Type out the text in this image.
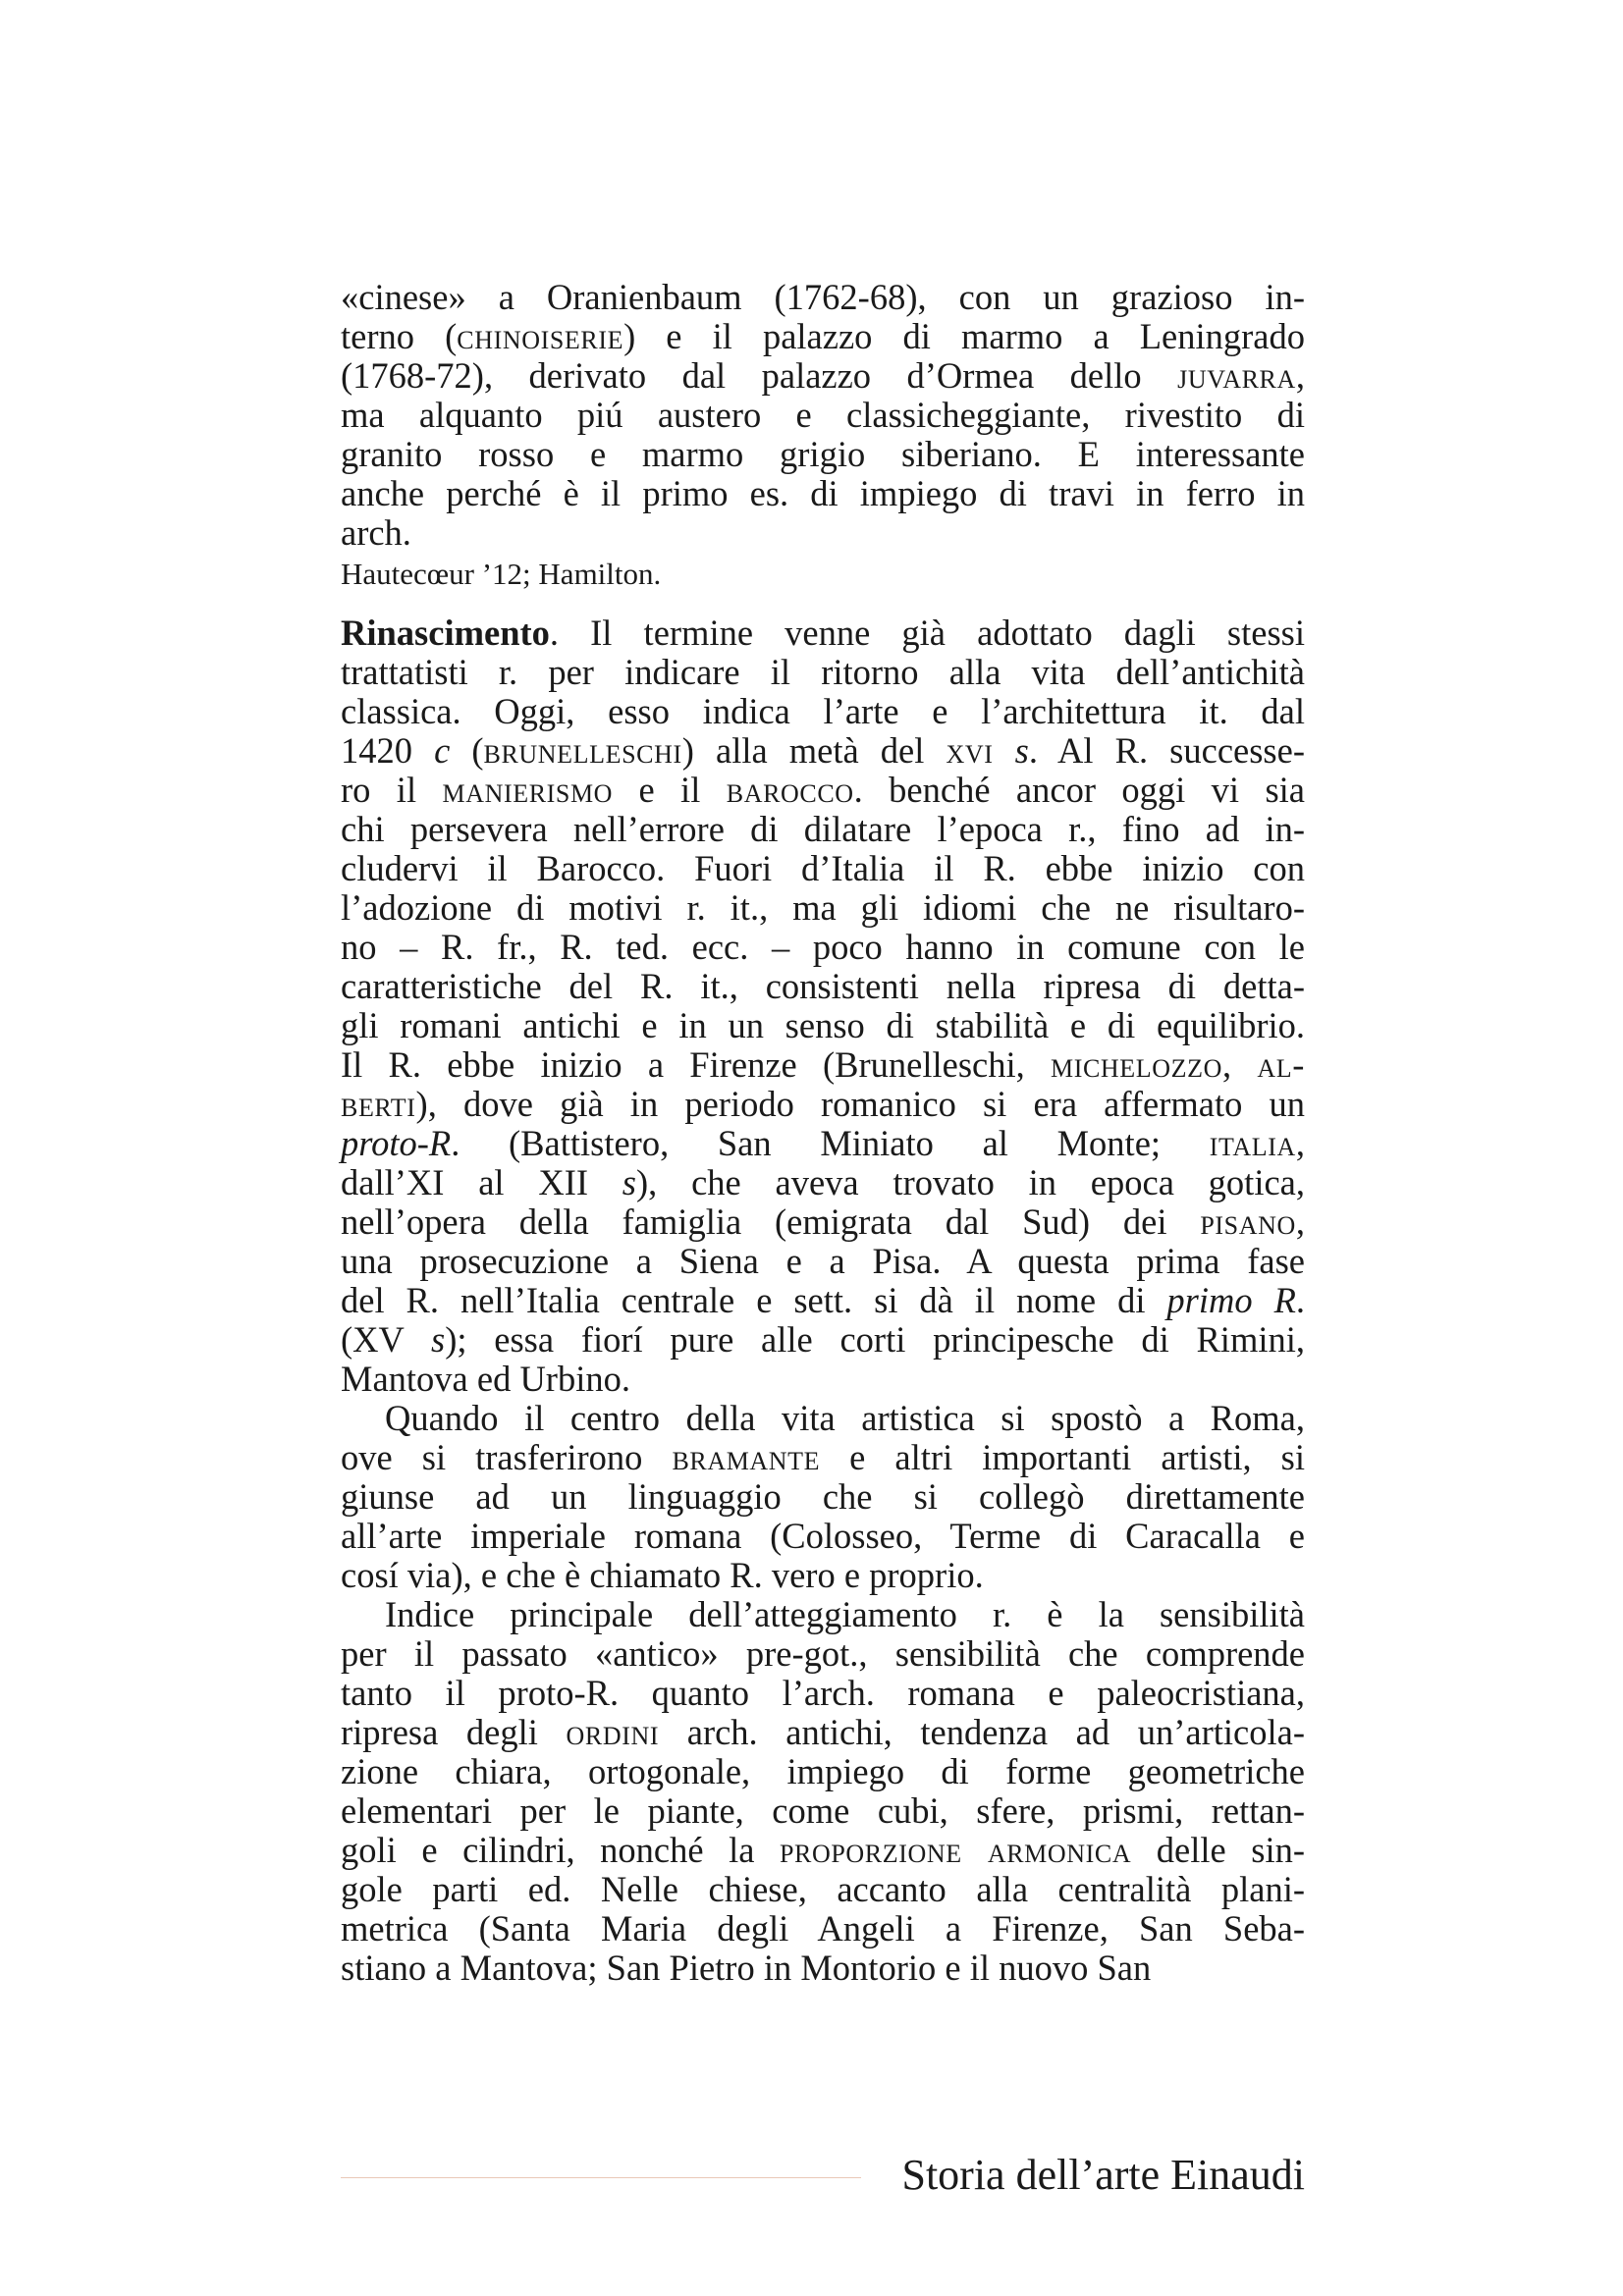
«cinese» a Oranienbaum (1762-68), con un grazioso in-
terno (chinoiserie) e il palazzo di marmo a Leningrado
(1768-72), derivato dal palazzo d’Ormea dello juvarra,
ma alquanto piú austero e classicheggiante, rivestito di
granito rosso e marmo grigio siberiano. E interessante
anche perché è il primo es. di impiego di travi in ferro in
arch.
Hautecœur ’12; Hamilton.
Rinascimento. Il termine venne già adottato dagli stessi
trattatisti r. per indicare il ritorno alla vita dell’antichità
classica. Oggi, esso indica l’arte e l’architettura it. dal
1420 c (brunelleschi) alla metà del xvi s. Al R. successe-
ro il manierismo e il barocco. benché ancor oggi vi sia
chi persevera nell’errore di dilatare l’epoca r., fino ad in-
cludervi il Barocco. Fuori d’Italia il R. ebbe inizio con
l’adozione di motivi r. it., ma gli idiomi che ne risultaro-
no – R. fr., R. ted. ecc. – poco hanno in comune con le
caratteristiche del R. it., consistenti nella ripresa di detta-
gli romani antichi e in un senso di stabilità e di equilibrio.
Il R. ebbe inizio a Firenze (Brunelleschi, michelozzo, al-
berti), dove già in periodo romanico si era affermato un
proto-R. (Battistero, San Miniato al Monte; italia,
dall’XI al XII s), che aveva trovato in epoca gotica,
nell’opera della famiglia (emigrata dal Sud) dei pisano,
una prosecuzione a Siena e a Pisa. A questa prima fase
del R. nell’Italia centrale e sett. si dà il nome di primo R.
(XV s); essa fiorí pure alle corti principesche di Rimini,
Mantova ed Urbino.
Quando il centro della vita artistica si spostò a Roma,
ove si trasferirono bramante e altri importanti artisti, si
giunse ad un linguaggio che si collegò direttamente
all’arte imperiale romana (Colosseo, Terme di Caracalla e
cosí via), e che è chiamato R. vero e proprio.
Indice principale dell’atteggiamento r. è la sensibilità
per il passato «antico» pre-got., sensibilità che comprende
tanto il proto-R. quanto l’arch. romana e paleocristiana,
ripresa degli ordini arch. antichi, tendenza ad un’articola-
zione chiara, ortogonale, impiego di forme geometriche
elementari per le piante, come cubi, sfere, prismi, rettan-
goli e cilindri, nonché la proporzione armonica delle sin-
gole parti ed. Nelle chiese, accanto alla centralità plani-
metrica (Santa Maria degli Angeli a Firenze, San Seba-
stiano a Mantova; San Pietro in Montorio e il nuovo San
Storia dell’arte Einaudi
